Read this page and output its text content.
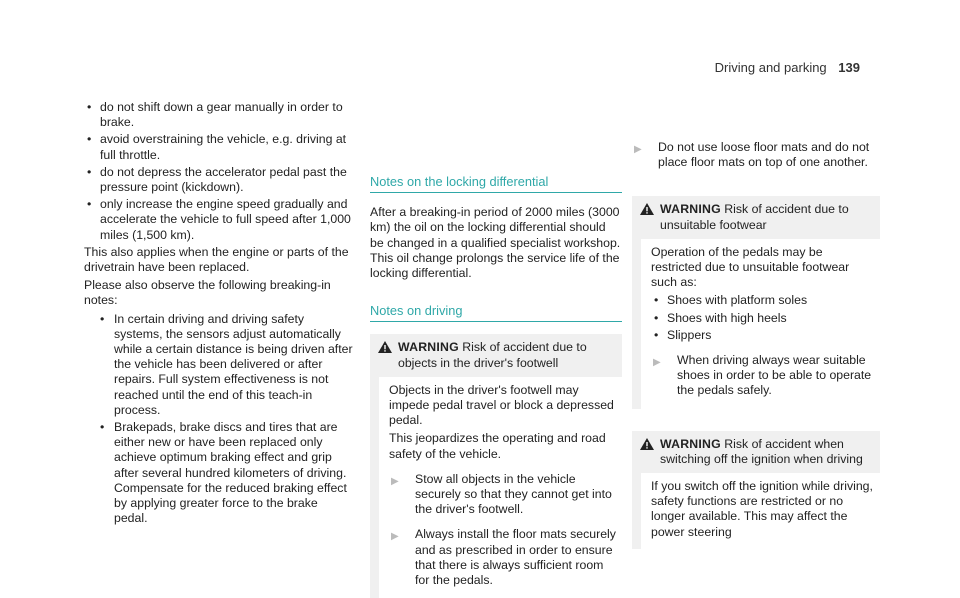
Driving and parking 139
• do not shift down a gear manually in order to brake.
• avoid overstraining the vehicle, e.g. driving at full throttle.
• do not depress the accelerator pedal past the pressure point (kickdown).
• only increase the engine speed gradually and accelerate the vehicle to full speed after 1,000 miles (1,500 km).

This also applies when the engine or parts of the drivetrain have been replaced.

Please also observe the following breaking-in notes:

• In certain driving and driving safety systems, the sensors adjust automatically while a certain distance is being driven after the vehicle has been delivered or after repairs. Full system effectiveness is not reached until the end of this teach-in process.
• Brakepads, brake discs and tires that are either new or have been replaced only achieve optimum braking effect and grip after several hundred kilometers of driving. Compensate for the reduced braking effect by applying greater force to the brake pedal.
Notes on the locking differential

After a breaking-in period of 2000 miles (3000 km) the oil on the locking differential should be changed in a qualified specialist workshop. This oil change prolongs the service life of the locking differential.

Notes on driving
WARNING Risk of accident due to objects in the driver's footwell

Objects in the driver's footwell may impede pedal travel or block a depressed pedal.

This jeopardizes the operating and road safety of the vehicle.

▶	Stow all objects in the vehicle securely so that they cannot get into the driver's footwell.
▶	Always install the floor mats securely and as prescribed in order to ensure that there is always sufficient room for the pedals.
▶	Do not use loose floor mats and do not place floor mats on top of one another.
WARNING Risk of accident due to unsuitable footwear

Operation of the pedals may be restricted due to unsuitable footwear such as:

• Shoes with platform soles
• Shoes with high heels
• Slippers
▶	When driving always wear suitable shoes in order to be able to operate the pedals safely.
WARNING Risk of accident when switching off the ignition when driving

If you switch off the ignition while driving, safety functions are restricted or no longer available. This may affect the power steering
